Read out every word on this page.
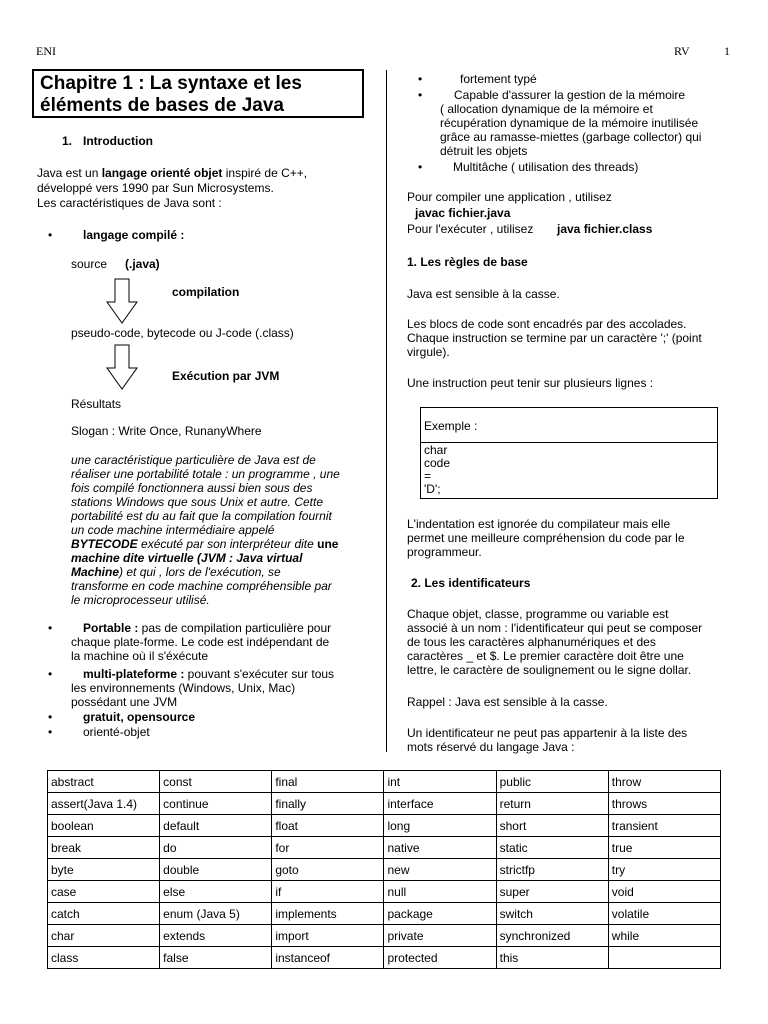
ENI	RV	1
Chapitre 1 : La syntaxe et les
éléments de bases de Java
1. Introduction
Java est un langage orienté objet inspiré de C++,
développé vers 1990 par Sun Microsystems.
Les caractéristiques de Java sont :
•	langage compilé :
source (.java)
compilation
pseudo-code, bytecode ou J-code (.class)
Exécution par JVM
Résultats
Slogan : Write Once, RunanyWhere
une caractéristique particulière de Java est de
réaliser une portabilité totale : un programme , une
fois compilé fonctionnera aussi bien sous des
stations Windows que sous Unix et autre. Cette
portabilité est du au fait que la compilation fournit
un code machine intermédiaire appelé
BYTECODE exécuté par son interpréteur dite une
machine dite virtuelle (JVM : Java virtual
Machine) et qui , lors de l'exécution, se
transforme en code machine compréhensible par
le microprocesseur utilisé.
•	Portable : pas de compilation particulière pour
chaque plate-forme. Le code est indépendant de
la machine où il s'éxécute
•	multi-plateforme : pouvant s'exécuter sur tous
les environnements (Windows, Unix, Mac)
possédant une JVM
•	gratuit, opensource
•	orienté-objet
•	fortement typé
•	Capable d'assurer la gestion de la mémoire
( allocation dynamique de la mémoire et
récupération dynamique de la mémoire inutilisée
grâce au ramasse-miettes (garbage collector) qui
détruit les objets
•	Multitâche ( utilisation des threads)
Pour compiler une application , utilisez
javac fichier.java
Pour l'exécuter , utilisez java fichier.class
1. Les règles de base
Java est sensible à la casse.
Les blocs de code sont encadrés par des accolades.
Chaque instruction se termine par un caractère ';' (point
virgule).
Une instruction peut tenir sur plusieurs lignes :
Exemple :
char
code
=
'D';
L'indentation est ignorée du compilateur mais elle
permet une meilleure compréhension du code par le
programmeur.
2. Les identificateurs
Chaque objet, classe, programme ou variable est
associé à un nom : l'identificateur qui peut se composer
de tous les caractères alphanumériques et des
caractères _ et $. Le premier caractère doit être une
lettre, le caractère de soulignement ou le signe dollar.
Rappel : Java est sensible à la casse.
Un identificateur ne peut pas appartenir à la liste des
mots réservé du langage Java :
abstract	const	final	int	public	throw
assert(Java 1.4)	continue	finally	interface	return	throws
boolean	default	float	long	short	transient
break	do	for	native	static	true
byte	double	goto	new	strictfp	try
case	else	if	null	super	void
catch	enum (Java 5)	implements	package	switch	volatile
char	extends	import	private	synchronized	while
class	false	instanceof	protected	this	
